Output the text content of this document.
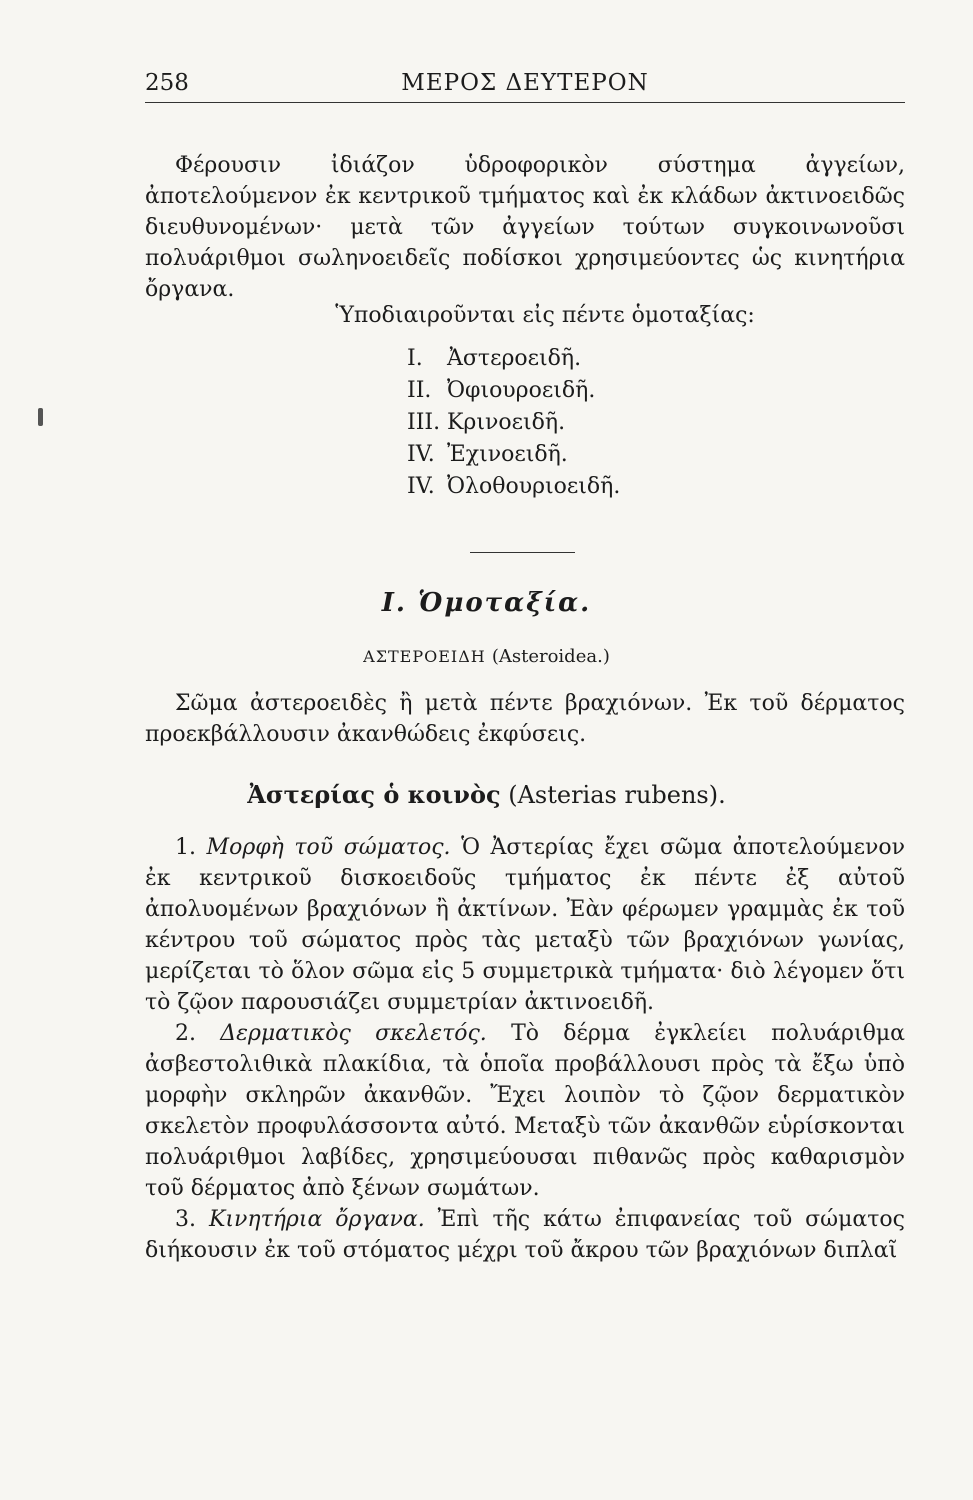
258	ΜΕΡΟΣ ΔΕΥΤΕΡΟΝ

Φέρουσιν ἰδιάζον ὑδροφορικὸν σύστημα ἀγγείων, ἀποτελούμενον ἐκ κεντρικοῦ τμήματος καὶ ἐκ κλάδων ἀκτινοειδῶς διευθυνομένων· μετὰ τῶν ἀγγείων τούτων συγκοινωνοῦσι πολυάριθμοι σωληνοειδεῖς ποδίσκοι χρησιμεύοντες ὡς κινητήρια ὄργανα.

Ὑποδιαιροῦνται εἰς πέντε ὁμοταξίας:

I. Ἀστεροειδῆ.
II. Ὀφιουροειδῆ.
III. Κρινοειδῆ.
IV. Ἐχινοειδῆ.
IV. Ὀλοθουριοειδῆ.
I. Ὁμοταξία.
ΑΣΤΕΡΟΕΙΔΗ (Asteroidea.)

Σῶμα ἀστεροειδὲς ἢ μετὰ πέντε βραχιόνων. Ἐκ τοῦ δέρματος προεκβάλλουσιν ἀκανθώδεις ἐκφύσεις.

Ἀστερίας ὁ κοινὸς (Asterias rubens).

1. Μορφὴ τοῦ σώματος. Ὁ Ἀστερίας ἔχει σῶμα ἀποτελούμενον ἐκ κεντρικοῦ δισκοειδοῦς τμήματος ἐκ πέντε ἐξ αὐτοῦ ἀπολυομένων βραχιόνων ἢ ἀκτίνων. Ἐὰν φέρωμεν γραμμὰς ἐκ τοῦ κέντρου τοῦ σώματος πρὸς τὰς μεταξὺ τῶν βραχιόνων γωνίας, μερίζεται τὸ ὅλον σῶμα εἰς 5 συμμετρικὰ τμήματα· διὸ λέγομεν ὅτι τὸ ζῷον παρουσιάζει συμμετρίαν ἀκτινοειδῆ.

2. Δερματικὸς σκελετός. Τὸ δέρμα ἐγκλείει πολυάριθμα ἀσβεστολιθικὰ πλακίδια, τὰ ὁποῖα προβάλλουσι πρὸς τὰ ἔξω ὑπὸ μορφὴν σκληρῶν ἀκανθῶν. Ἔχει λοιπὸν τὸ ζῷον δερματικὸν σκελετὸν προφυλάσσοντα αὐτό. Μεταξὺ τῶν ἀκανθῶν εὑρίσκονται πολυάριθμοι λαβίδες, χρησιμεύουσαι πιθανῶς πρὸς καθαρισμὸν τοῦ δέρματος ἀπὸ ξένων σωμάτων.

3. Κινητήρια ὄργανα. Ἐπὶ τῆς κάτω ἐπιφανείας τοῦ σώματος διήκουσιν ἐκ τοῦ στόματος μέχρι τοῦ ἄκρου τῶν βραχιόνων διπλαῖ
